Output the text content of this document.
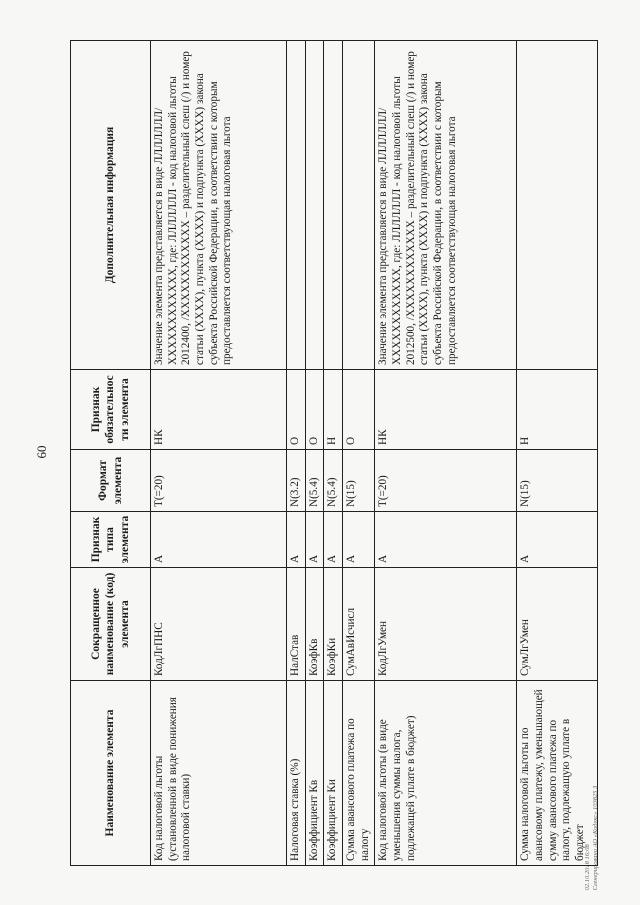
60
02.10.2018 16:08 Сгенерировано АО «Кодекс» 103825 3
Наименование элемента	Сокращенное наименование (код) элемента	Признак типа элемента	Формат элемента	Признак обязательности элемента	Дополнительная информация
Код налоговой льготы (установленной в виде понижения налоговой ставки)	КодЛгПНС	А	T(=20)	НК	Значение элемента представляется в виде ЛЛЛЛЛЛЛ/ХХХХХХХХХХХХ, где: ЛЛЛЛЛЛЛ - код налоговой льготы 2012400, /ХХХХХХХХХХХХ – разделительный слеш (/) и номер статьи (ХХХХ), пункта (ХХХХ) и подпункта (ХХХХ) закона субъекта Российской Федерации, в соответствии с которым предоставляется соответствующая налоговая льгота
Налоговая ставка (%)	НалСтав	А	N(3.2)	О	
Коэффициент Кв	КоэфКв	А	N(5.4)	О	
Коэффициент Ки	КоэфКи	А	N(5.4)	Н	
Сумма авансового платежа по налогу	СумАвИсчисл	А	N(15)	О	
Код налоговой льготы (в виде уменьшения суммы налога, подлежащей уплате в бюджет)	КодЛгУмен	А	T(=20)	НК	Значение элемента представляется в виде ЛЛЛЛЛЛЛ/ХХХХХХХХХХХХ, где: ЛЛЛЛЛЛЛ - код налоговой льготы 2012500, /ХХХХХХХХХХХХ – разделительный слеш (/) и номер статьи (ХХХХ), пункта (ХХХХ) и подпункта (ХХХХ) закона субъекта Российской Федерации, в соответствии с которым предоставляется соответствующая налоговая льгота
Сумма налоговой льготы по авансовому платежу, уменьшающей сумму авансового платежа по налогу, подлежащую уплате в бюджет	СумЛгУмен	А	N(15)	Н	
